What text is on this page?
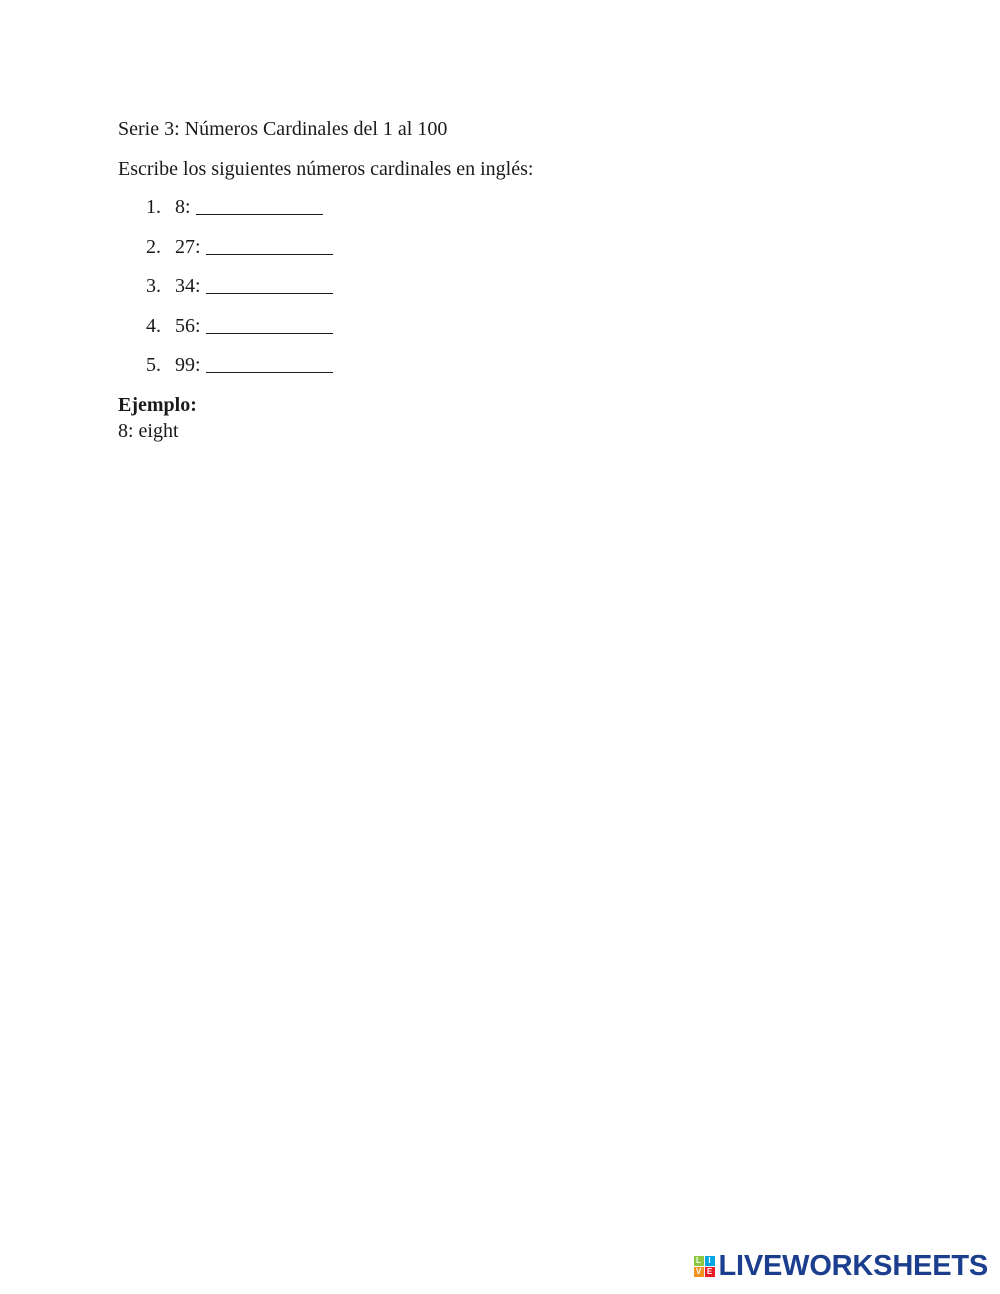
Serie 3: Números Cardinales del 1 al 100
Escribe los siguientes números cardinales en inglés:
1. 8:
2. 27:
3. 34:
4. 56:
5. 99:
Ejemplo:
8: eight
L I
V E LIVEWORKSHEETS
